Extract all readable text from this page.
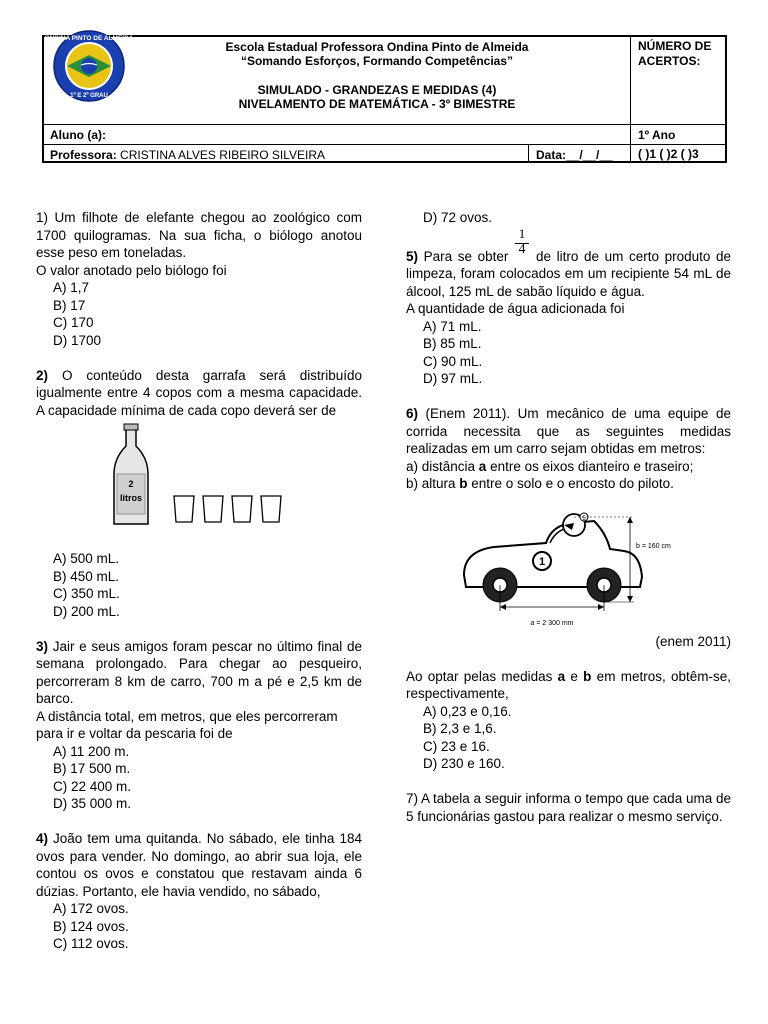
ONDINA PINTO DE ALMEIDA
1º E 2º GRAU
Escola Estadual Professora Ondina Pinto de Almeida
“Somando Esforços, Formando Competências”
SIMULADO - GRANDEZAS E MEDIDAS (4)
NIVELAMENTO DE MATEMÁTICA - 3º BIMESTRE
NÚMERO DE
ACERTOS:
Aluno (a):	1º Ano
Professora: CRISTINA ALVES RIBEIRO SILVEIRA	Data:__/__/__ ( )1 ( )2 ( )3

1) Um filhote de elefante chegou ao zoológico com 1700 quilogramas. Na sua ficha, o biólogo anotou esse peso em toneladas.

O valor anotado pelo biólogo foi

A) 1,7
B) 17
C) 170
D) 1700

2) O conteúdo desta garrafa será distribuído igualmente entre 4 copos com a mesma capacidade. A capacidade mínima de cada copo deverá ser de

2
litros
A) 500 mL.
B) 450 mL.
C) 350 mL.
D) 200 mL.

3) Jair e seus amigos foram pescar no último final de semana prolongado. Para chegar ao pesqueiro, percorreram 8 km de carro, 700 m a pé e 2,5 km de barco.

A distância total, em metros, que eles percorreram para ir e voltar da pescaria foi de

A) 11 200 m.
B) 17 500 m.
C) 22 400 m.
D) 35 000 m.

4) João tem uma quitanda. No sábado, ele tinha 184 ovos para vender. No domingo, ao abrir sua loja, ele contou os ovos e constatou que restavam ainda 6 dúzias. Portanto, ele havia vendido, no sábado,

A) 172 ovos.
B) 124 ovos.
C) 112 ovos.
D) 72 ovos.
1
4

5) Para se obter de litro de um certo produto de limpeza, foram colocados em um recipiente 54 mL de álcool, 125 mL de sabão líquido e água.

A quantidade de água adicionada foi

A) 71 mL.
B) 85 mL.
C) 90 mL.
D) 97 mL.

6) (Enem 2011). Um mecânico de uma equipe de corrida necessita que as seguintes medidas realizadas em um carro sejam obtidas em metros:

a) distância a entre os eixos dianteiro e traseiro;

b) altura b entre o solo e o encosto do piloto.

5
1
a = 2 300 mm
b = 160 cm
(enem 2011)

Ao optar pelas medidas a e b em metros, obtêm-se, respectivamente,

A) 0,23 e 0,16.
B) 2,3 e 1,6.
C) 23 e 16.
D) 230 e 160.

7) A tabela a seguir informa o tempo que cada uma de 5 funcionárias gastou para realizar o mesmo serviço.
